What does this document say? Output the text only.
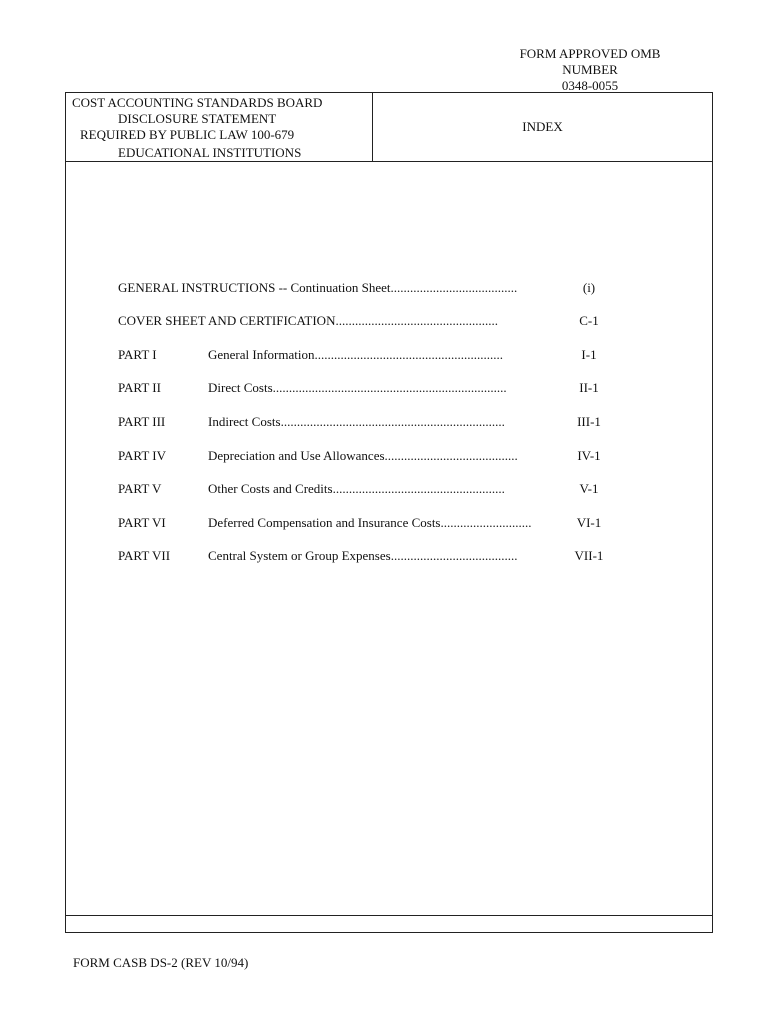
FORM APPROVED OMB NUMBER
0348-0055
COST ACCOUNTING STANDARDS BOARD
DISCLOSURE STATEMENT
REQUIRED BY PUBLIC LAW 100-679
EDUCATIONAL INSTITUTIONS
INDEX
GENERAL INSTRUCTIONS -- Continuation Sheet.......................................	(i)
COVER SHEET AND CERTIFICATION..................................................	C-1
PART I	General Information..........................................................	I-1
PART II	Direct Costs........................................................................	II-1
PART III	Indirect Costs.....................................................................	III-1
PART IV	Depreciation and Use Allowances.........................................	IV-1
PART V	Other Costs and Credits.....................................................	V-1
PART VI	Deferred Compensation and Insurance Costs............................	VI-1
PART VII	Central System or Group Expenses.......................................	VII-1
FORM CASB DS-2 (REV 10/94)
